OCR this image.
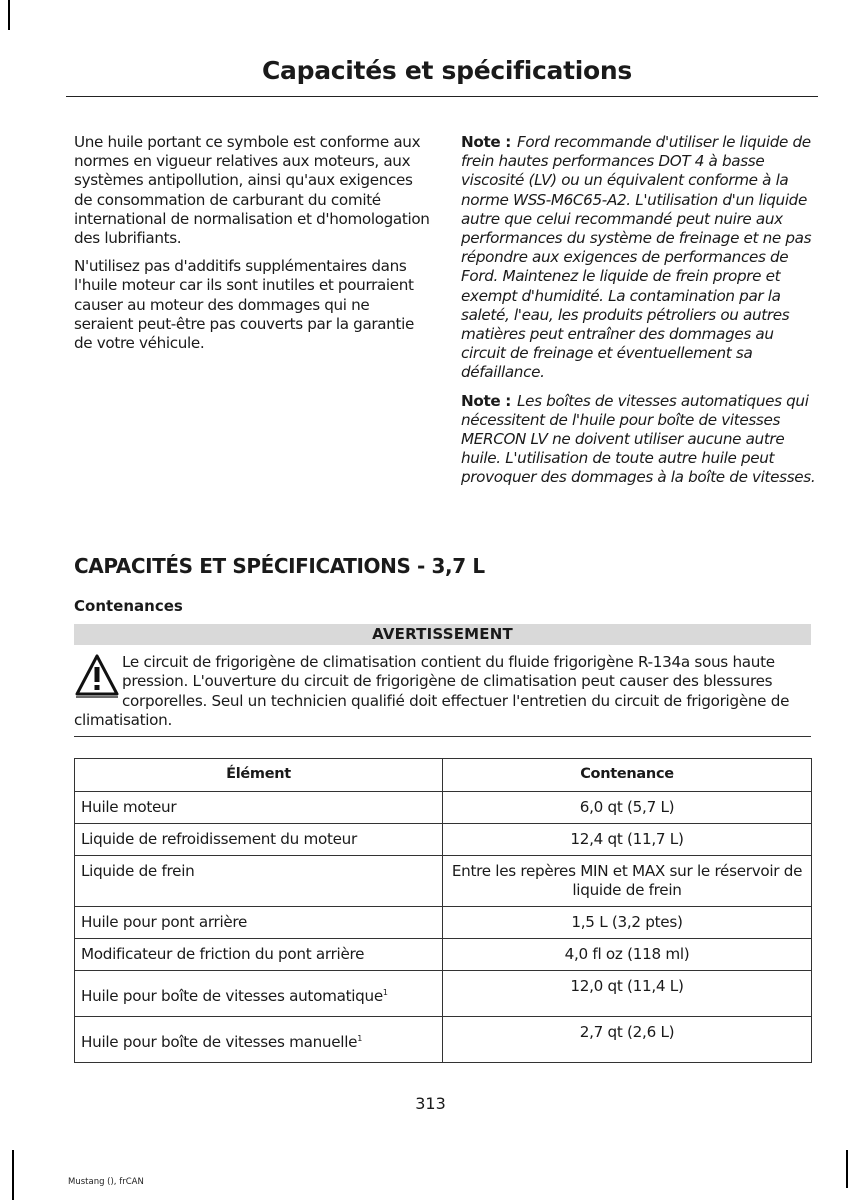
Capacités et spécifications

Une huile portant ce symbole est conforme aux normes en vigueur relatives aux moteurs, aux systèmes antipollution, ainsi qu'aux exigences de consommation de carburant du comité international de normalisation et d'homologation des lubrifiants.

N'utilisez pas d'additifs supplémentaires dans l'huile moteur car ils sont inutiles et pourraient causer au moteur des dommages qui ne seraient peut-être pas couverts par la garantie de votre véhicule.

Note : Ford recommande d'utiliser le liquide de frein hautes performances DOT 4 à basse viscosité (LV) ou un équivalent conforme à la norme WSS-M6C65-A2. L'utilisation d'un liquide autre que celui recommandé peut nuire aux performances du système de freinage et ne pas répondre aux exigences de performances de Ford. Maintenez le liquide de frein propre et exempt d'humidité. La contamination par la saleté, l'eau, les produits pétroliers ou autres matières peut entraîner des dommages au circuit de freinage et éventuellement sa défaillance.

Note : Les boîtes de vitesses automatiques qui nécessitent de l'huile pour boîte de vitesses MERCON LV ne doivent utiliser aucune autre huile. L'utilisation de toute autre huile peut provoquer des dommages à la boîte de vitesses.

CAPACITÉS ET SPÉCIFICATIONS - 3,7 L
Contenances
AVERTISSEMENT
Le circuit de frigorigène de climatisation contient du fluide frigorigène R-134a sous haute pression. L'ouverture du circuit de frigorigène de climatisation peut causer des blessures corporelles. Seul un technicien qualifié doit effectuer l'entretien du circuit de frigorigène de climatisation.
Élément	Contenance
Huile moteur	6,0 qt (5,7 L)
Liquide de refroidissement du moteur	12,4 qt (11,7 L)
Liquide de frein	Entre les repères MIN et MAX sur le réservoir de liquide de frein
Huile pour pont arrière	1,5 L (3,2 ptes)
Modificateur de friction du pont arrière	4,0 fl oz (118 ml)
Huile pour boîte de vitesses automatique$^1$	12,0 qt (11,4 L)
Huile pour boîte de vitesses manuelle$^1$	2,7 qt (2,6 L)
313
Mustang (), frCAN
